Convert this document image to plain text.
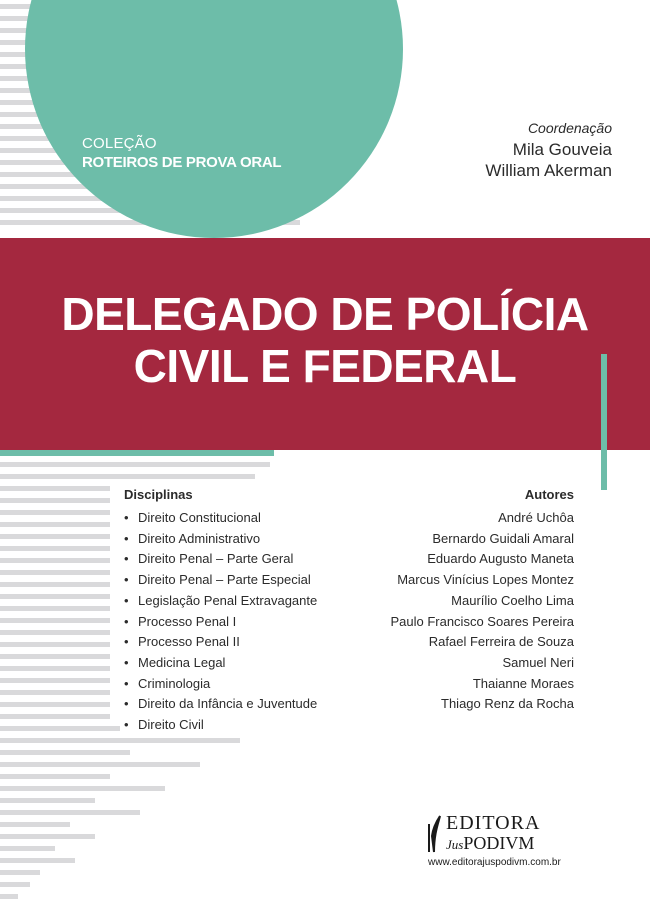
COLEÇÃO
ROTEIROS DE PROVA ORAL
Coordenação
Mila Gouveia
William Akerman
DELEGADO DE POLÍCIA
CIVIL E FEDERAL
Disciplinas
• Direito Constitucional
• Direito Administrativo
• Direito Penal – Parte Geral
• Direito Penal – Parte Especial
• Legislação Penal Extravagante
• Processo Penal I
• Processo Penal II
• Medicina Legal
• Criminologia
• Direito da Infância e Juventude
• Direito Civil
Autores
André Uchôa
Bernardo Guidali Amaral
Eduardo Augusto Maneta
Marcus Vinícius Lopes Montez
Maurílio Coelho Lima
Paulo Francisco Soares Pereira
Rafael Ferreira de Souza
Samuel Neri
Thaianne Moraes
Thiago Renz da Rocha
EDITORA
JusPODIVM
www.editorajuspodivm.com.br
